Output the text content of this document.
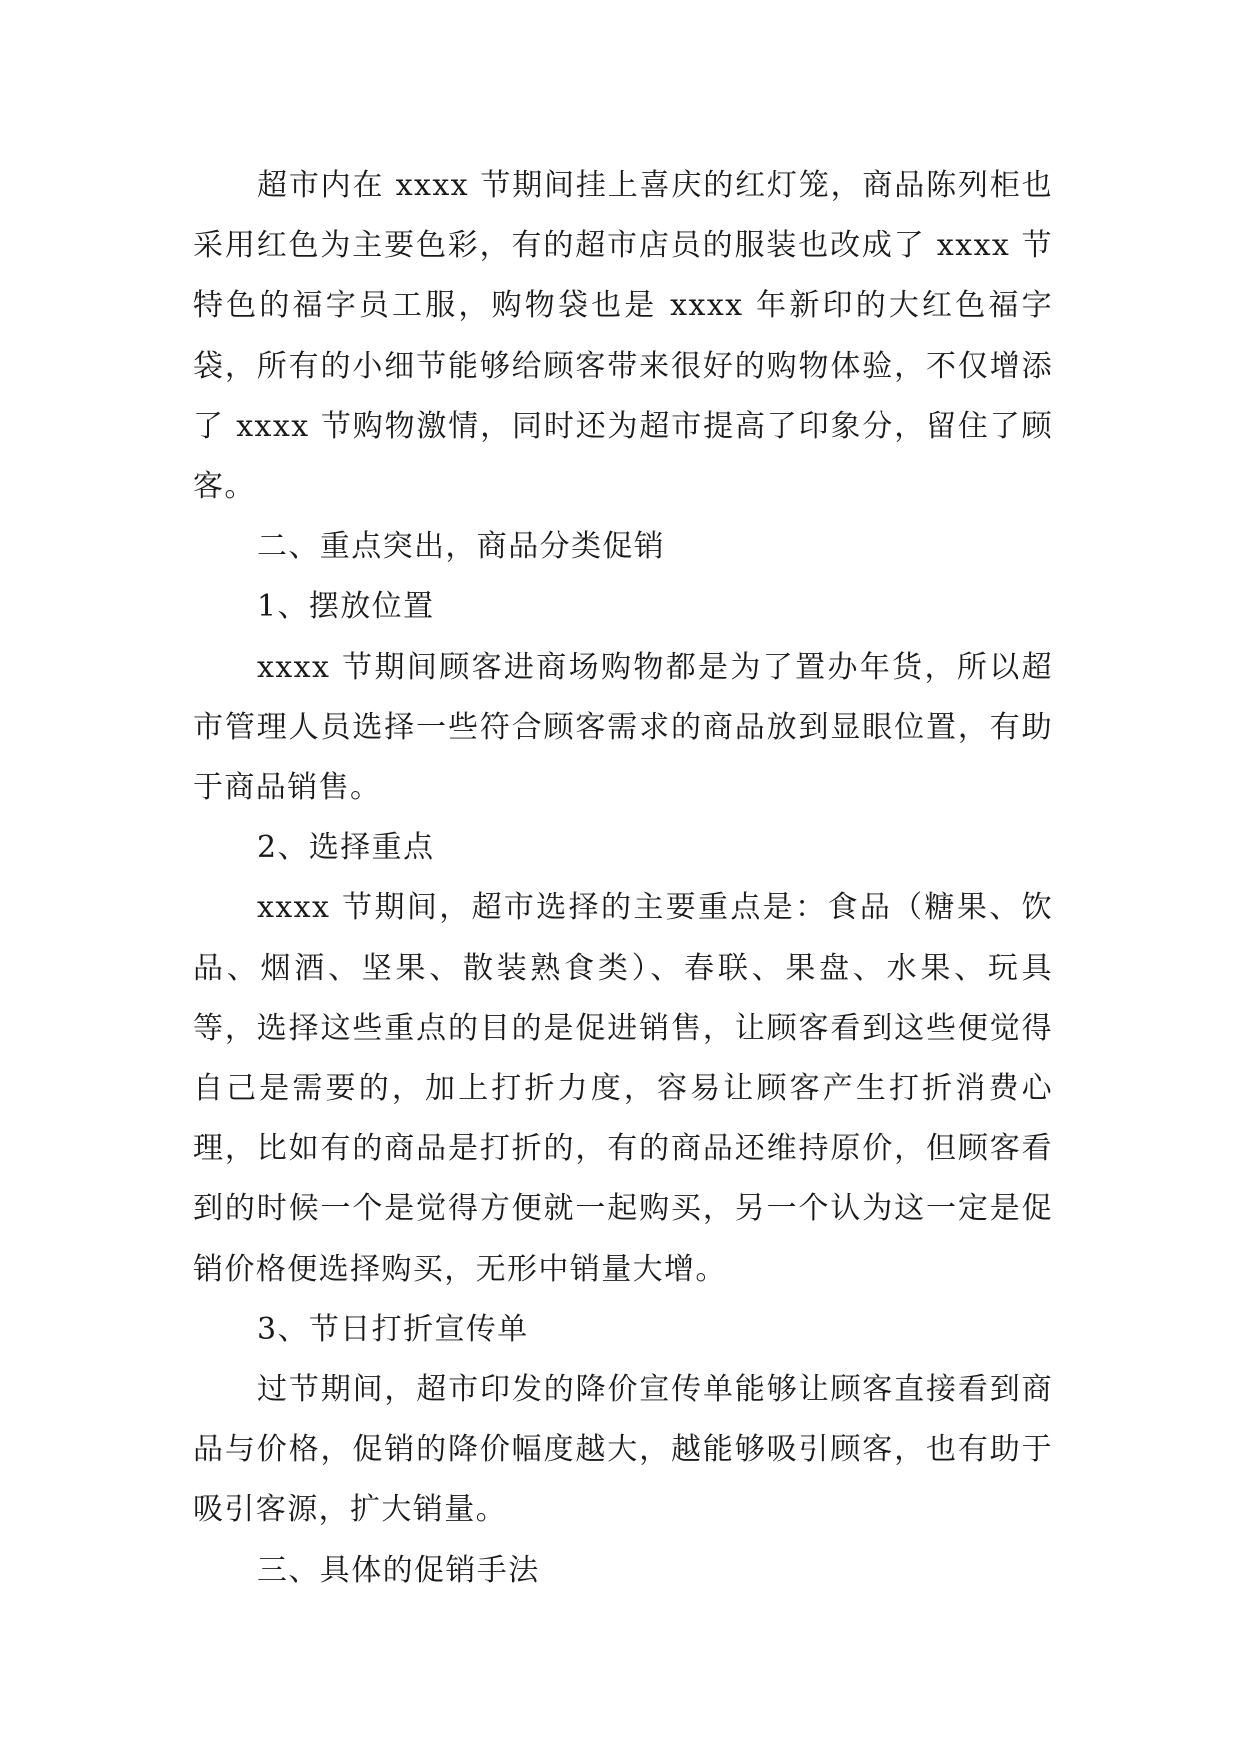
超市内在 xxxx 节期间挂上喜庆的红灯笼，商品陈列柜也采用红色为主要色彩，有的超市店员的服装也改成了 xxxx 节特色的福字员工服，购物袋也是 xxxx 年新印的大红色福字袋，所有的小细节能够给顾客带来很好的购物体验，不仅增添了 xxxx 节购物激情，同时还为超市提高了印象分，留住了顾客。

二、重点突出，商品分类促销

1、摆放位置

xxxx 节期间顾客进商场购物都是为了置办年货，所以超市管理人员选择一些符合顾客需求的商品放到显眼位置，有助于商品销售。

2、选择重点

xxxx 节期间，超市选择的主要重点是：食品（糖果、饮品、烟酒、坚果、散装熟食类）、春联、果盘、水果、玩具等，选择这些重点的目的是促进销售，让顾客看到这些便觉得自己是需要的，加上打折力度，容易让顾客产生打折消费心理，比如有的商品是打折的，有的商品还维持原价，但顾客看到的时候一个是觉得方便就一起购买，另一个认为这一定是促销价格便选择购买，无形中销量大增。

3、节日打折宣传单

过节期间，超市印发的降价宣传单能够让顾客直接看到商品与价格，促销的降价幅度越大，越能够吸引顾客，也有助于吸引客源，扩大销量。

三、具体的促销手法
